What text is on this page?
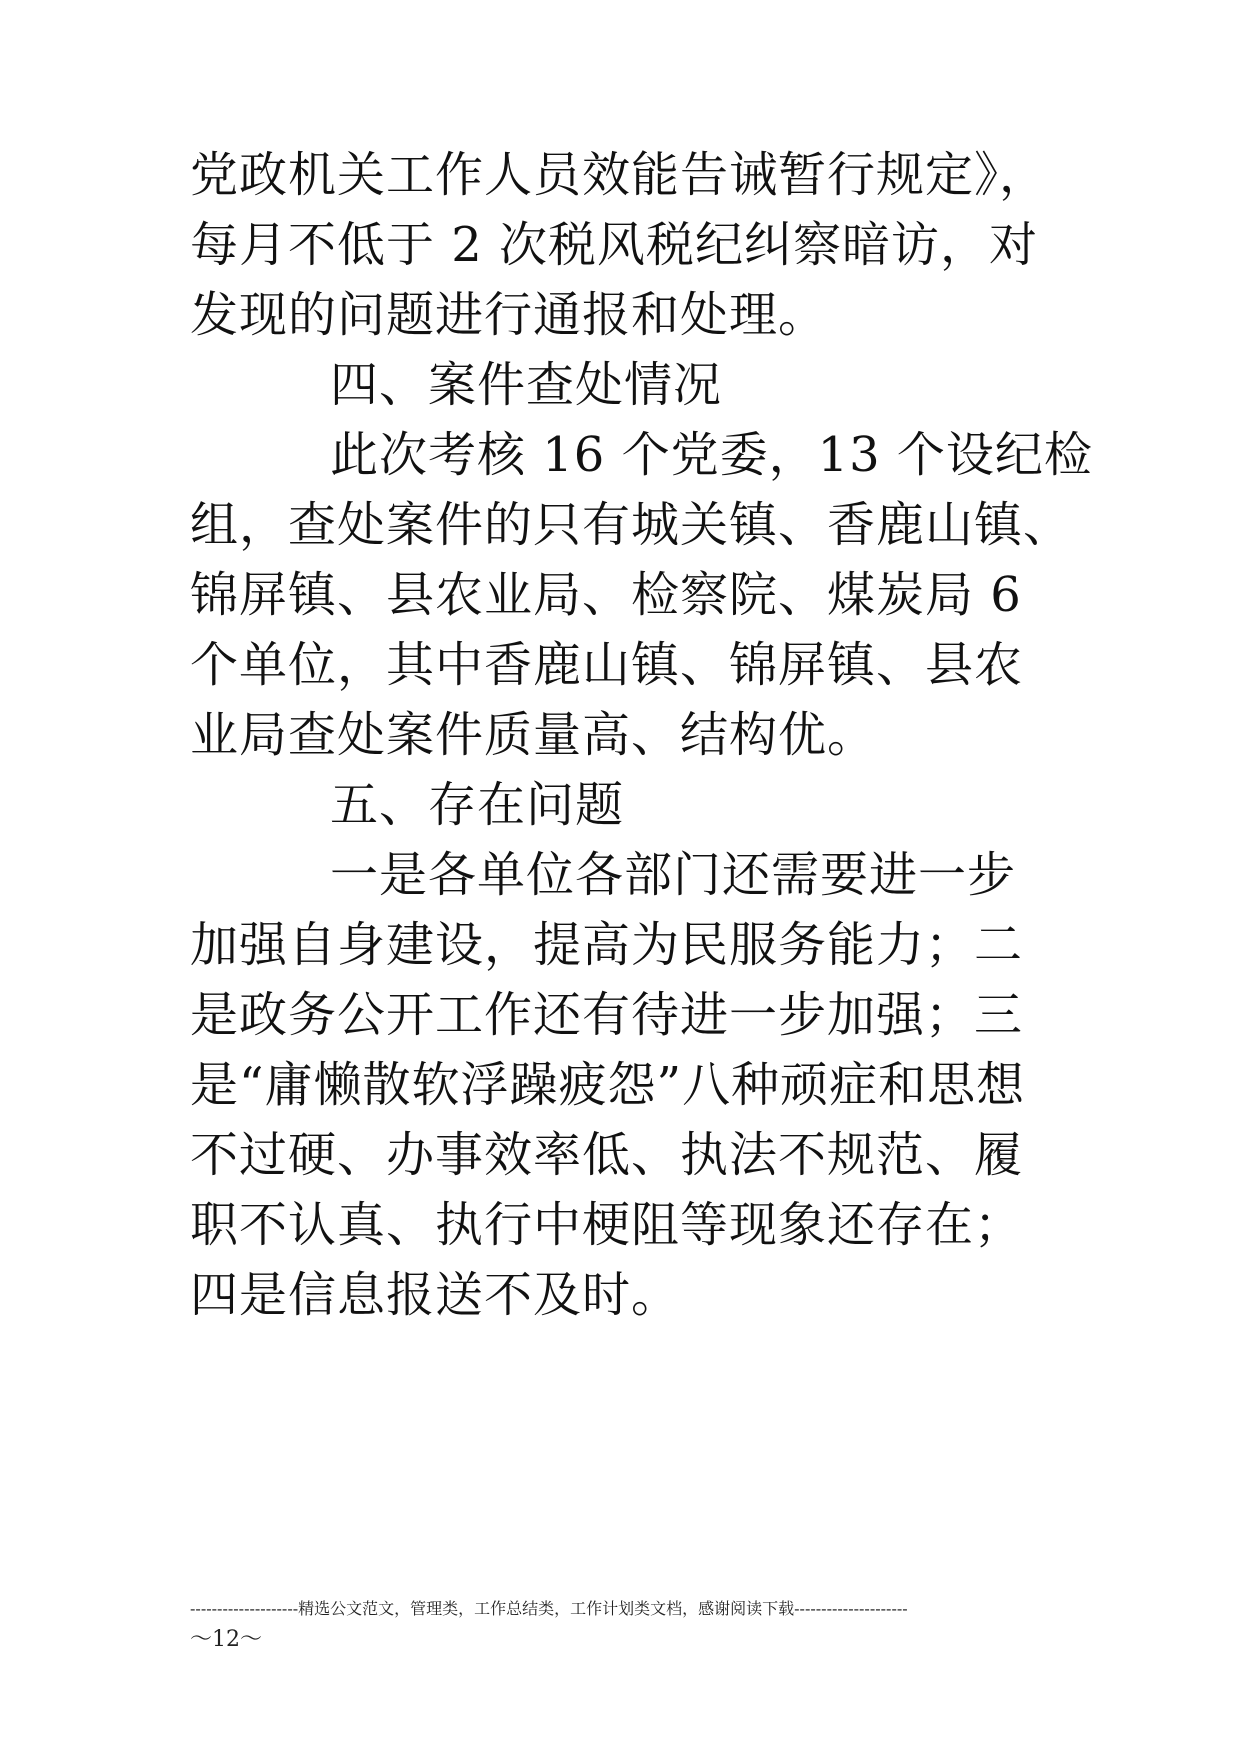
党政机关工作人员效能告诫暂行规定》，
每月不低于 2 次税风税纪纠察暗访，对
发现的问题进行通报和处理。
四、案件查处情况
此次考核 16 个党委，13 个设纪检
组，查处案件的只有城关镇、香鹿山镇、
锦屏镇、县农业局、检察院、煤炭局 6
个单位，其中香鹿山镇、锦屏镇、县农
业局查处案件质量高、结构优。
五、存在问题
一是各单位各部门还需要进一步
加强自身建设，提高为民服务能力；二
是政务公开工作还有待进一步加强；三
是“庸懒散软浮躁疲怨”八种顽症和思想
不过硬、办事效率低、执法不规范、履
职不认真、执行中梗阻等现象还存在；
四是信息报送不及时。
--------------------精选公文范文，管理类，工作总结类，工作计划类文档，感谢阅读下载---------------------
～12～
